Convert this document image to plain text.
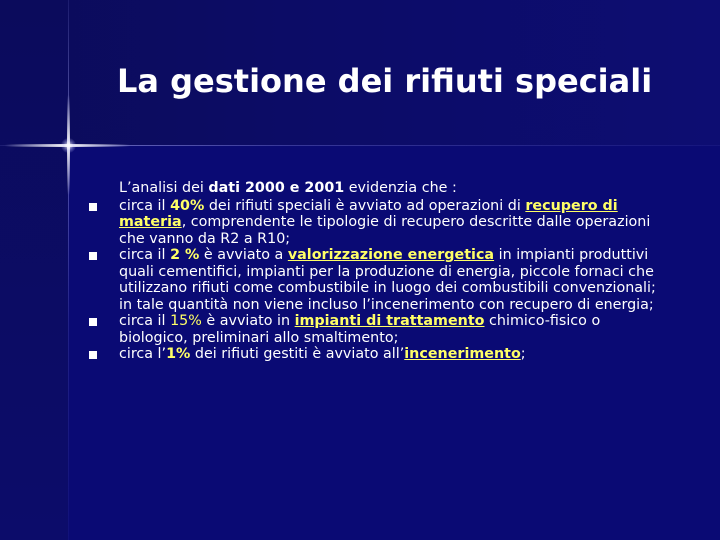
La gestione dei rifiuti speciali
L’analisi dei dati 2000 e 2001 evidenzia che :
circa il 40% dei rifiuti speciali è avviato ad operazioni di recupero di materia, comprendente le tipologie di recupero descritte dalle operazioni che vanno da R2 a R10;
circa il 2 % è avviato a valorizzazione energetica in impianti produttivi quali cementifici, impianti per la produzione di energia, piccole fornaci che utilizzano rifiuti come combustibile in luogo dei combustibili convenzionali; in tale quantità non viene incluso l’incenerimento con recupero di energia;
circa il 15% è avviato in impianti di trattamento chimico-fisico o biologico, preliminari allo smaltimento;
circa l’1% dei rifiuti gestiti è avviato all’incenerimento;
